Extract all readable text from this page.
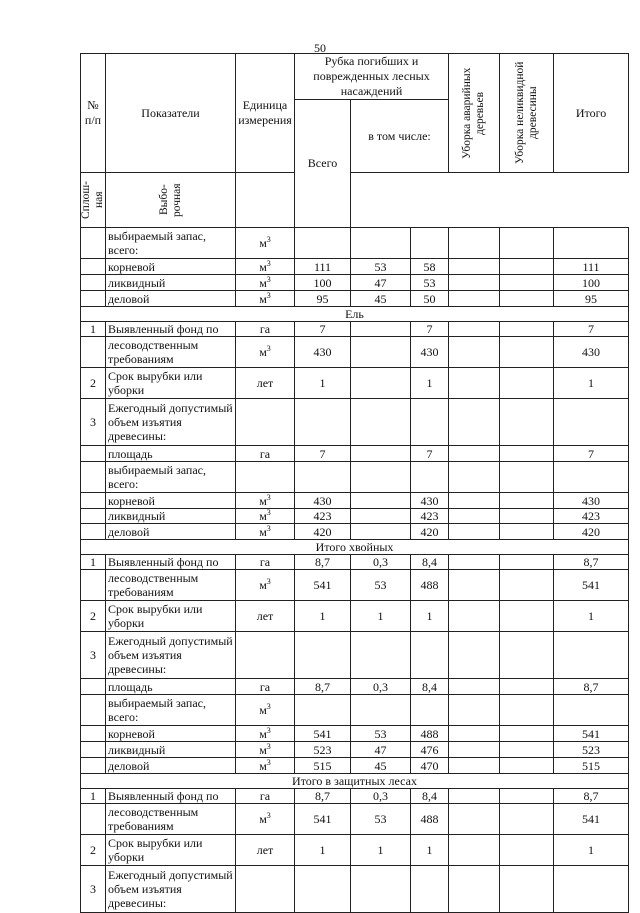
50
№ п/п	Показатели	Единица измерения	Рубка погибших и поврежденных лесных насаждений			Уборка аварийных деревьев	Уборка неликвидной древесины	Итого
			Всего	в том числе:				

Сплош-ная	Выбо-рочная							

	выбираемый запас, всего:	$м^3$						
	корневой	$м^3$	111	53	58			111
	ликвидный	$м^3$	100	47	53			100
	деловой	$м^3$	95	45	50			95
Ель								
1	Выявленный фонд по	га	7		7			7
	лесоводственным требованиям	$м^3$	430		430			430
2	Срок вырубки или уборки	лет	1		1			1
3	Ежегодный допустимый объем изъятия древесины:							
	площадь	га	7		7			7
	выбираемый запас, всего:							
	корневой	$м^3$	430		430			430
	ликвидный	$м^3$	423		423			423
	деловой	$м^3$	420		420			420
Итого хвойных								
1	Выявленный фонд по	га	8,7	0,3	8,4			8,7
	лесоводственным требованиям	$м^3$	541	53	488			541
2	Срок вырубки или уборки	лет	1	1	1			1
3	Ежегодный допустимый объем изъятия древесины:							
	площадь	га	8,7	0,3	8,4			8,7
	выбираемый запас, всего:	$м^3$						
	корневой	$м^3$	541	53	488			541
	ликвидный	$м^3$	523	47	476			523
	деловой	$м^3$	515	45	470			515
Итого в защитных лесах								
1	Выявленный фонд по	га	8,7	0,3	8,4			8,7
	лесоводственным требованиям	$м^3$	541	53	488			541
2	Срок вырубки или уборки	лет	1	1	1			1
3	Ежегодный допустимый объем изъятия древесины:							
